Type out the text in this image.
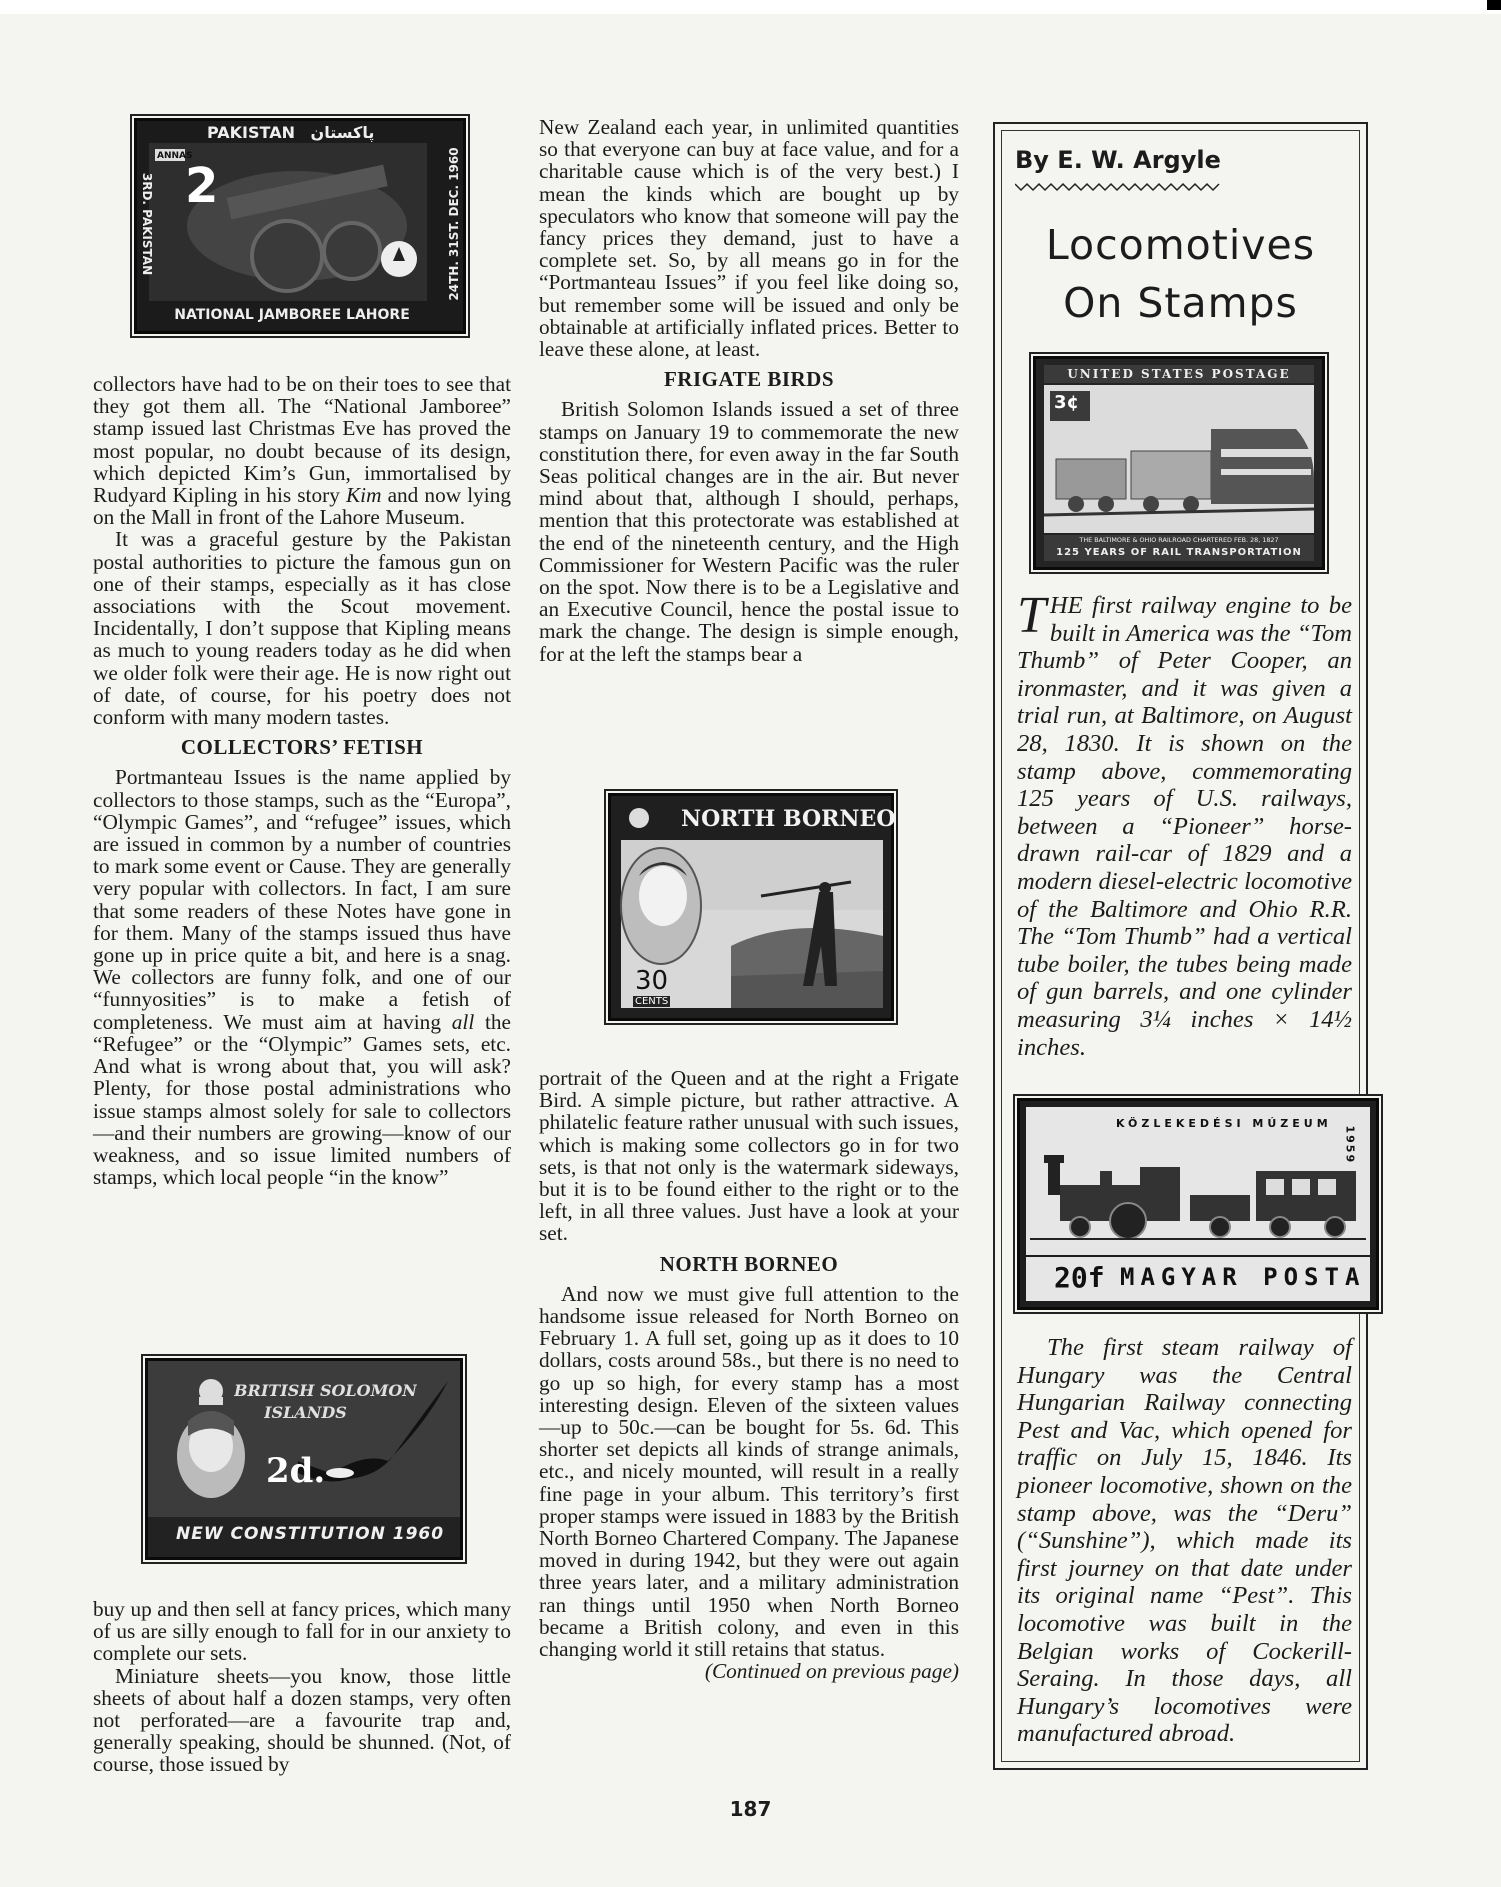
PAKISTAN پاکستان
ANNAS
2
3RD. PAKISTAN	24TH. 31ST. DEC. 1960
NATIONAL JAMBOREE LAHORE

collectors have had to be on their toes to see that they got them all. The “National Jamboree” stamp issued last Christmas Eve has proved the most popular, no doubt because of its design, which depicted Kim’s Gun, immortalised by Rudyard Kipling in his story Kim and now lying on the Mall in front of the Lahore Museum.

It was a graceful gesture by the Pakistan postal authorities to picture the famous gun on one of their stamps, especially as it has close associations with the Scout movement. Incidentally, I don’t suppose that Kipling means as much to young readers today as he did when we older folk were their age. He is now right out of date, of course, for his poetry does not conform with many modern tastes.

COLLECTORS’ FETISH

Portmanteau Issues is the name applied by collectors to those stamps, such as the “Europa”, “Olympic Games”, and “refugee” issues, which are issued in common by a number of countries to mark some event or Cause. They are generally very popular with collectors. In fact, I am sure that some readers of these Notes have gone in for them. Many of the stamps issued thus have gone up in price quite a bit, and here is a snag. We collectors are funny folk, and one of our “funnyosities” is to make a fetish of completeness. We must aim at having all the “Refugee” or the “Olympic” Games sets, etc. And what is wrong about that, you will ask? Plenty, for those postal administrations who issue stamps almost solely for sale to collectors—and their numbers are growing—know of our weakness, and so issue limited numbers of stamps, which local people “in the know”

BRITISH SOLOMON
ISLANDS
2d.
NEW CONSTITUTION 1960

buy up and then sell at fancy prices, which many of us are silly enough to fall for in our anxiety to complete our sets.

Miniature sheets—you know, those little sheets of about half a dozen stamps, very often not perforated—are a favourite trap and, generally speaking, should be shunned. (Not, of course, those issued by

New Zealand each year, in unlimited quantities so that everyone can buy at face value, and for a charitable cause which is of the very best.) I mean the kinds which are bought up by speculators who know that someone will pay the fancy prices they demand, just to have a complete set. So, by all means go in for the “Portmanteau Issues” if you feel like doing so, but remember some will be issued and only be obtainable at artificially inflated prices. Better to leave these alone, at least.

FRIGATE BIRDS

British Solomon Islands issued a set of three stamps on January 19 to commemorate the new constitution there, for even away in the far South Seas political changes are in the air. But never mind about that, although I should, perhaps, mention that this protectorate was established at the end of the nineteenth century, and the High Commissioner for Western Pacific was the ruler on the spot. Now there is to be a Legislative and an Executive Council, hence the postal issue to mark the change. The design is simple enough, for at the left the stamps bear a

NORTH BORNEO
30
CENTS

portrait of the Queen and at the right a Frigate Bird. A simple picture, but rather attractive. A philatelic feature rather unusual with such issues, which is making some collectors go in for two sets, is that not only is the watermark sideways, but it is to be found either to the right or to the left, in all three values. Just have a look at your set.

NORTH BORNEO

And now we must give full attention to the handsome issue released for North Borneo on February 1. A full set, going up as it does to 10 dollars, costs around 58s., but there is no need to go up so high, for every stamp has a most interesting design. Eleven of the sixteen values—up to 50c.—can be bought for 5s. 6d. This shorter set depicts all kinds of strange animals, etc., and nicely mounted, will result in a really fine page in your album. This territory’s first proper stamps were issued in 1883 by the British North Borneo Chartered Company. The Japanese moved in during 1942, but they were out again three years later, and a military administration ran things until 1950 when North Borneo became a British colony, and even in this changing world it still retains that status.

(Continued on previous page)
By E. W. Argyle
Locomotives
On Stamps
UNITED STATES POSTAGE
3¢
THE BALTIMORE & OHIO RAILROAD CHARTERED FEB. 28, 1827
125 YEARS OF RAIL TRANSPORTATION

THE first railway engine to be built in America was the “Tom Thumb” of Peter Cooper, an ironmaster, and it was given a trial run, at Baltimore, on August 28, 1830. It is shown on the stamp above, commemorating 125 years of U.S. railways, between a “Pioneer” horse-drawn rail-car of 1829 and a modern diesel-electric locomotive of the Baltimore and Ohio R.R. The “Tom Thumb” had a vertical tube boiler, the tubes being made of gun barrels, and one cylinder measuring 3¼ inches × 14½ inches.

KÖZLEKEDÉSI MÚZEUM
1959
20f MAGYAR POSTA

The first steam railway of Hungary was the Central Hungarian Railway connecting Pest and Vac, which opened for traffic on July 15, 1846. Its pioneer locomotive, shown on the stamp above, was the “Deru” (“Sunshine”), which made its first journey on that date under its original name “Pest”. This locomotive was built in the Belgian works of Cockerill-Seraing. In those days, all Hungary’s locomotives were manufactured abroad.

187
